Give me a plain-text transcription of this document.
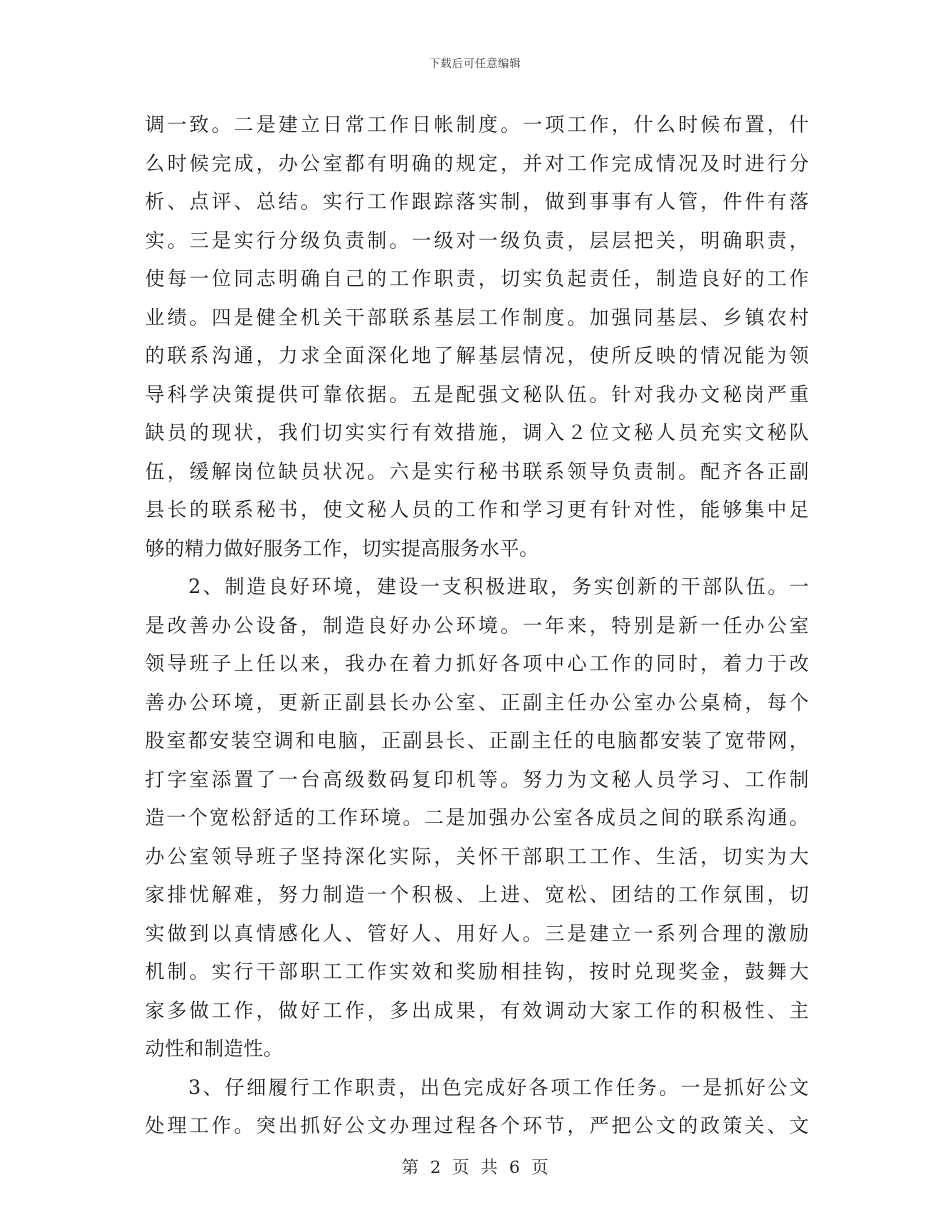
下载后可任意编辑
调一致。二是建立日常工作日帐制度。一项工作，什么时候布置，什
么时候完成，办公室都有明确的规定，并对工作完成情况及时进行分
析、点评、总结。实行工作跟踪落实制，做到事事有人管，件件有落
实。三是实行分级负责制。一级对一级负责，层层把关，明确职责，
使每一位同志明确自己的工作职责，切实负起责任，制造良好的工作
业绩。四是健全机关干部联系基层工作制度。加强同基层、乡镇农村
的联系沟通，力求全面深化地了解基层情况，使所反映的情况能为领
导科学决策提供可靠依据。五是配强文秘队伍。针对我办文秘岗严重
缺员的现状，我们切实实行有效措施，调入２位文秘人员充实文秘队
伍，缓解岗位缺员状况。六是实行秘书联系领导负责制。配齐各正副
县长的联系秘书，使文秘人员的工作和学习更有针对性，能够集中足
够的精力做好服务工作，切实提高服务水平。
　　2、制造良好环境，建设一支积极进取，务实创新的干部队伍。一
是改善办公设备，制造良好办公环境。一年来，特别是新一任办公室
领导班子上任以来，我办在着力抓好各项中心工作的同时，着力于改
善办公环境，更新正副县长办公室、正副主任办公室办公桌椅，每个
股室都安装空调和电脑，正副县长、正副主任的电脑都安装了宽带网，
打字室添置了一台高级数码复印机等。努力为文秘人员学习、工作制
造一个宽松舒适的工作环境。二是加强办公室各成员之间的联系沟通。
办公室领导班子坚持深化实际，关怀干部职工工作、生活，切实为大
家排忧解难，努力制造一个积极、上进、宽松、团结的工作氛围，切
实做到以真情感化人、管好人、用好人。三是建立一系列合理的激励
机制。实行干部职工工作实效和奖励相挂钩，按时兑现奖金，鼓舞大
家多做工作，做好工作，多出成果，有效调动大家工作的积极性、主
动性和制造性。
　　3、仔细履行工作职责，出色完成好各项工作任务。一是抓好公文
处理工作。突出抓好公文办理过程各个环节，严把公文的政策关、文
第 2 页 共 6 页
